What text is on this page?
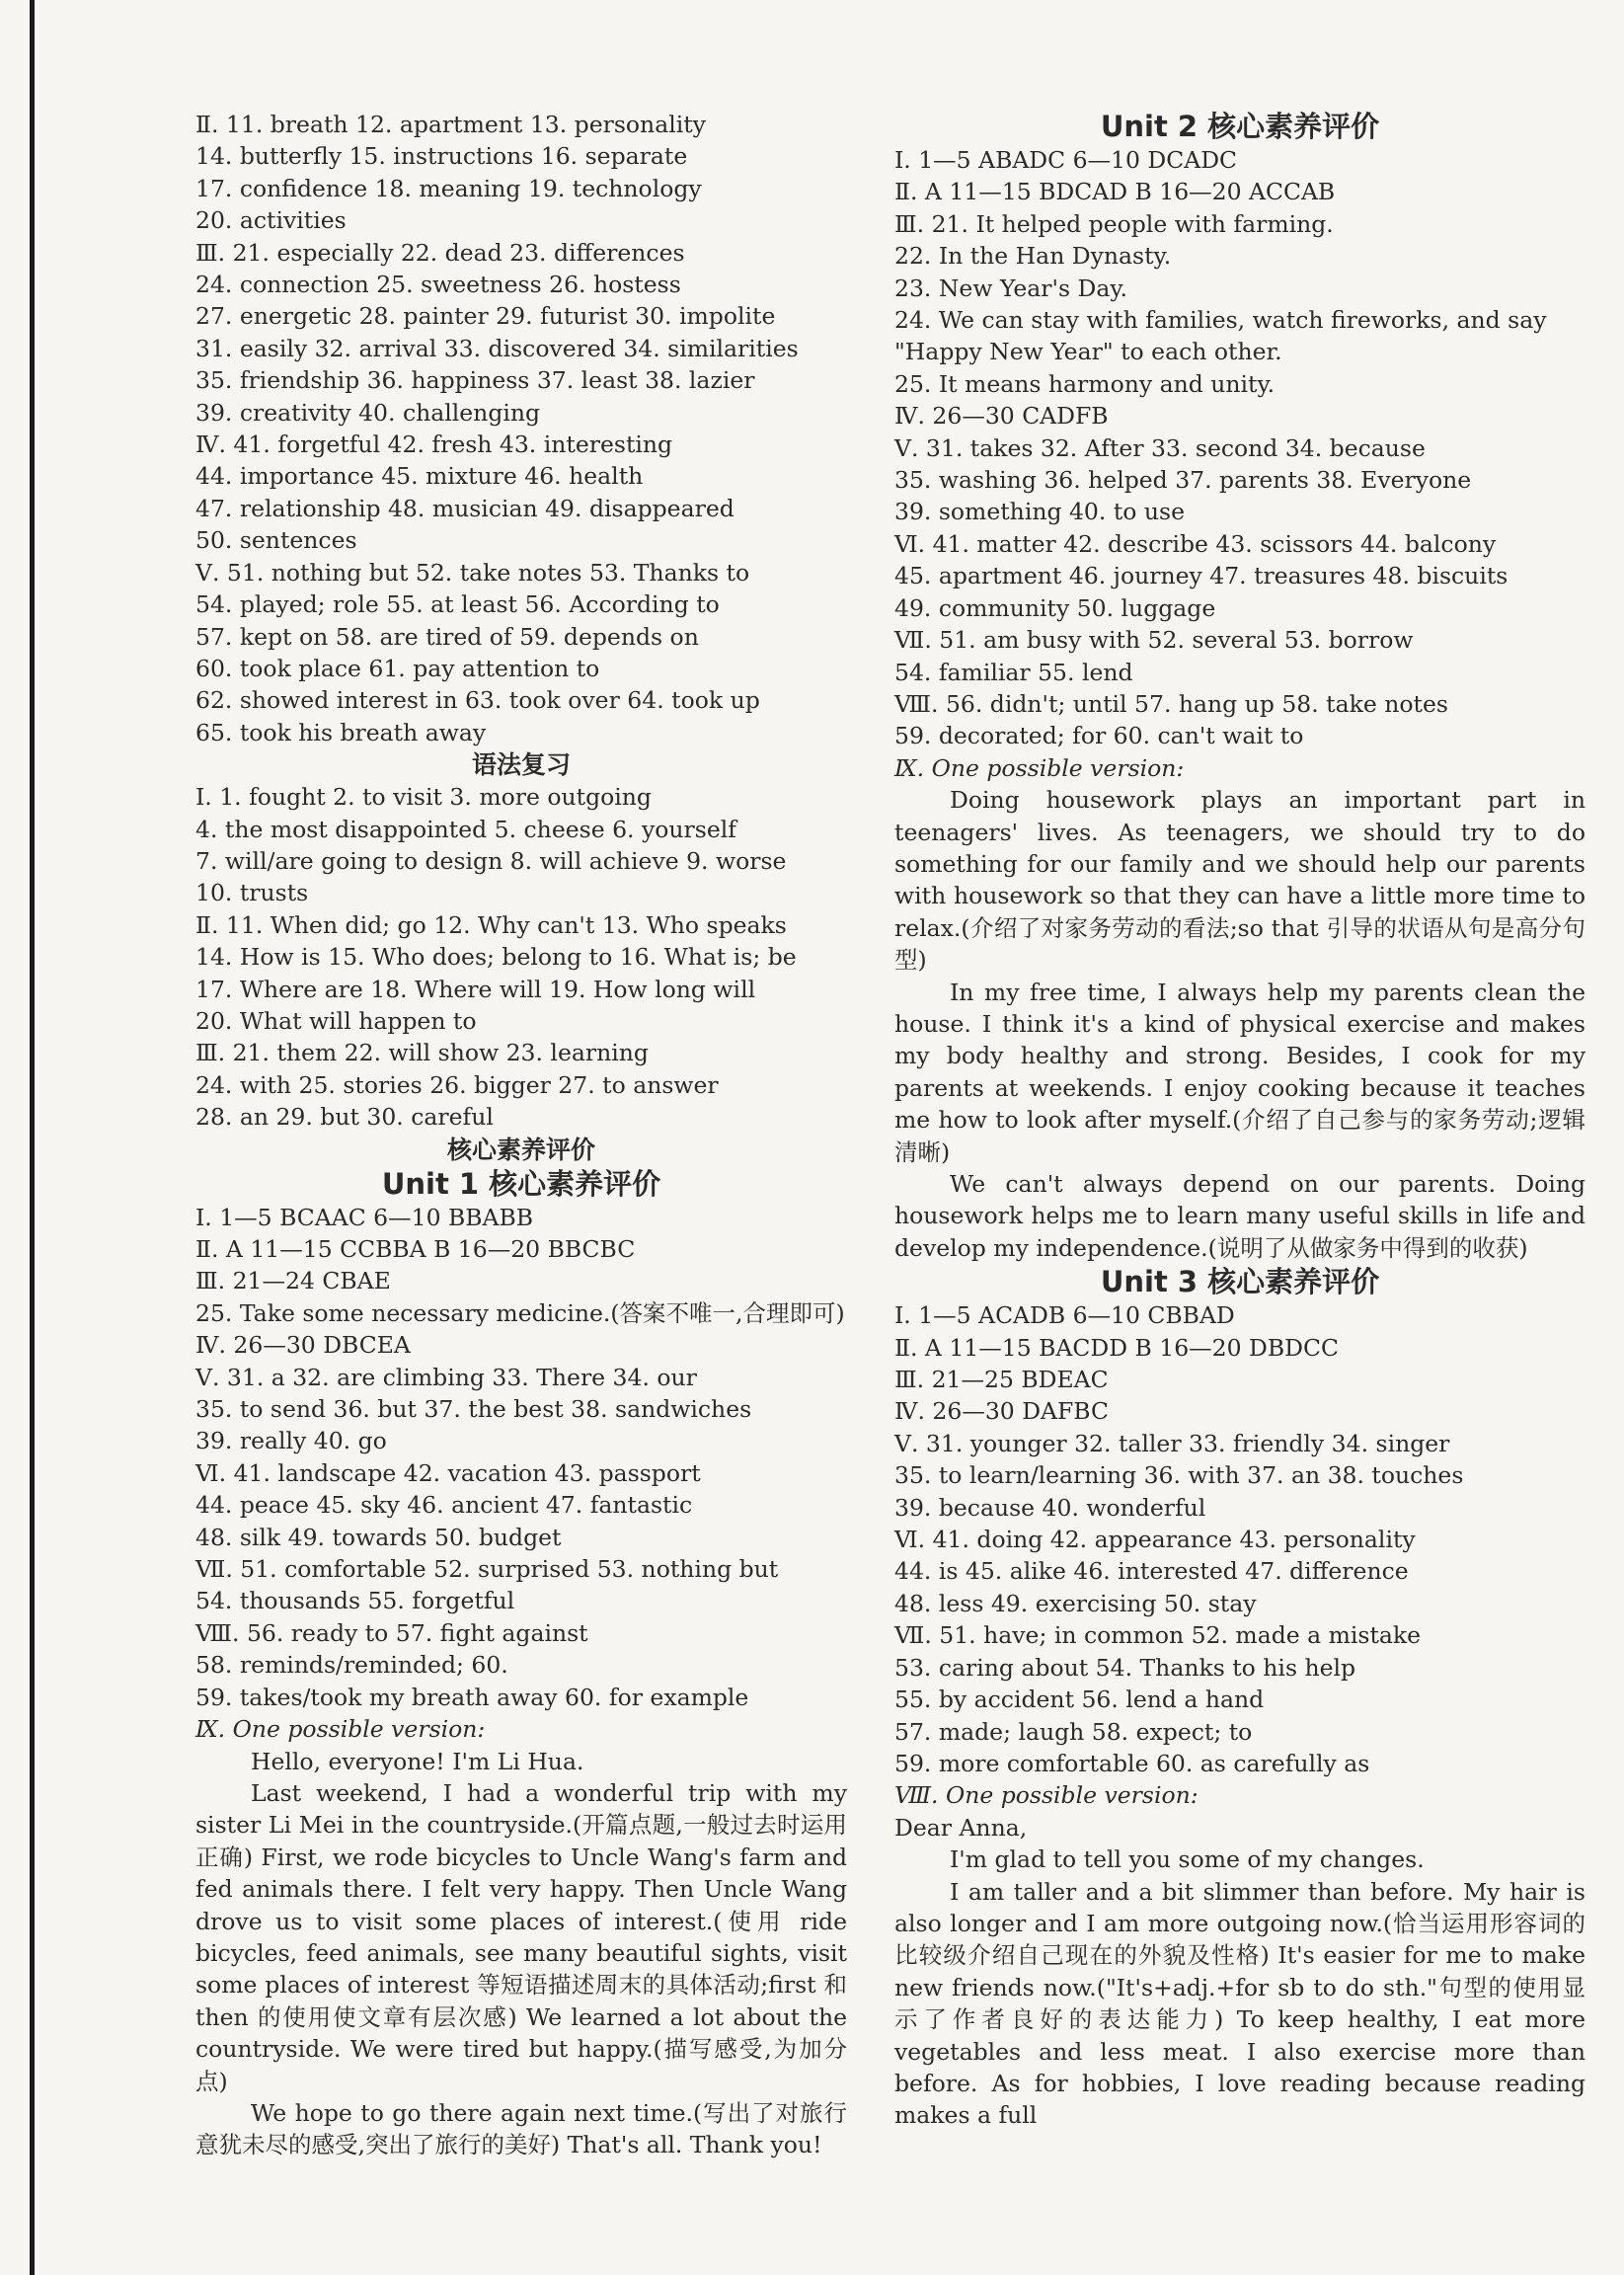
Ⅱ. 11. breath 12. apartment 13. personality
14. butterfly 15. instructions 16. separate
17. confidence 18. meaning 19. technology
20. activities
Ⅲ. 21. especially 22. dead 23. differences
24. connection 25. sweetness 26. hostess
27. energetic 28. painter 29. futurist 30. impolite
31. easily 32. arrival 33. discovered 34. similarities
35. friendship 36. happiness 37. least 38. lazier
39. creativity 40. challenging
Ⅳ. 41. forgetful 42. fresh 43. interesting
44. importance 45. mixture 46. health
47. relationship 48. musician 49. disappeared
50. sentences
Ⅴ. 51. nothing but 52. take notes 53. Thanks to
54. played; role 55. at least 56. According to
57. kept on 58. are tired of 59. depends on
60. took place 61. pay attention to
62. showed interest in 63. took over 64. took up
65. took his breath away
语法复习
Ⅰ. 1. fought 2. to visit 3. more outgoing
4. the most disappointed 5. cheese 6. yourself
7. will/are going to design 8. will achieve 9. worse
10. trusts
Ⅱ. 11. When did; go 12. Why can't 13. Who speaks
14. How is 15. Who does; belong to 16. What is; be
17. Where are 18. Where will 19. How long will
20. What will happen to
Ⅲ. 21. them 22. will show 23. learning
24. with 25. stories 26. bigger 27. to answer
28. an 29. but 30. careful
核心素养评价
Unit 1 核心素养评价
Ⅰ. 1—5 BCAAC 6—10 BBABB
Ⅱ. A 11—15 CCBBA B 16—20 BBCBC
Ⅲ. 21—24 CBAE
25. Take some necessary medicine.(答案不唯一,合理即可)
Ⅳ. 26—30 DBCEA
Ⅴ. 31. a 32. are climbing 33. There 34. our
35. to send 36. but 37. the best 38. sandwiches
39. really 40. go
Ⅵ. 41. landscape 42. vacation 43. passport
44. peace 45. sky 46. ancient 47. fantastic
48. silk 49. towards 50. budget
Ⅶ. 51. comfortable 52. surprised 53. nothing but
54. thousands 55. forgetful
Ⅷ. 56. ready to 57. fight against
58. reminds/reminded; 60.
59. takes/took my breath away 60. for example
Ⅸ. One possible version:
Hello, everyone! I'm Li Hua.
Last weekend, I had a wonderful trip with my sister Li Mei in the countryside.(开篇点题,一般过去时运用正确) First, we rode bicycles to Uncle Wang's farm and fed animals there. I felt very happy. Then Uncle Wang drove us to visit some places of interest.(使用 ride bicycles, feed animals, see many beautiful sights, visit some places of interest 等短语描述周末的具体活动;first 和 then 的使用使文章有层次感) We learned a lot about the countryside. We were tired but happy.(描写感受,为加分点)
We hope to go there again next time.(写出了对旅行意犹未尽的感受,突出了旅行的美好) That's all. Thank you!
Unit 2 核心素养评价
Ⅰ. 1—5 ABADC 6—10 DCADC
Ⅱ. A 11—15 BDCAD B 16—20 ACCAB
Ⅲ. 21. It helped people with farming.
22. In the Han Dynasty.
23. New Year's Day.
24. We can stay with families, watch fireworks, and say
"Happy New Year" to each other.
25. It means harmony and unity.
Ⅳ. 26—30 CADFB
Ⅴ. 31. takes 32. After 33. second 34. because
35. washing 36. helped 37. parents 38. Everyone
39. something 40. to use
Ⅵ. 41. matter 42. describe 43. scissors 44. balcony
45. apartment 46. journey 47. treasures 48. biscuits
49. community 50. luggage
Ⅶ. 51. am busy with 52. several 53. borrow
54. familiar 55. lend
Ⅷ. 56. didn't; until 57. hang up 58. take notes
59. decorated; for 60. can't wait to
Ⅸ. One possible version:
Doing housework plays an important part in teenagers' lives. As teenagers, we should try to do something for our family and we should help our parents with housework so that they can have a little more time to relax.(介绍了对家务劳动的看法;so that 引导的状语从句是高分句型)
In my free time, I always help my parents clean the house. I think it's a kind of physical exercise and makes my body healthy and strong. Besides, I cook for my parents at weekends. I enjoy cooking because it teaches me how to look after myself.(介绍了自己参与的家务劳动;逻辑清晰)
We can't always depend on our parents. Doing housework helps me to learn many useful skills in life and develop my independence.(说明了从做家务中得到的收获)
Unit 3 核心素养评价
Ⅰ. 1—5 ACADB 6—10 CBBAD
Ⅱ. A 11—15 BACDD B 16—20 DBDCC
Ⅲ. 21—25 BDEAC
Ⅳ. 26—30 DAFBC
Ⅴ. 31. younger 32. taller 33. friendly 34. singer
35. to learn/learning 36. with 37. an 38. touches
39. because 40. wonderful
Ⅵ. 41. doing 42. appearance 43. personality
44. is 45. alike 46. interested 47. difference
48. less 49. exercising 50. stay
Ⅶ. 51. have; in common 52. made a mistake
53. caring about 54. Thanks to his help
55. by accident 56. lend a hand
57. made; laugh 58. expect; to
59. more comfortable 60. as carefully as
Ⅷ. One possible version:
Dear Anna,
I'm glad to tell you some of my changes.
I am taller and a bit slimmer than before. My hair is also longer and I am more outgoing now.(恰当运用形容词的比较级介绍自己现在的外貌及性格) It's easier for me to make new friends now.("It's+adj.+for sb to do sth."句型的使用显示了作者良好的表达能力) To keep healthy, I eat more vegetables and less meat. I also exercise more than before. As for hobbies, I love reading because reading makes a full
